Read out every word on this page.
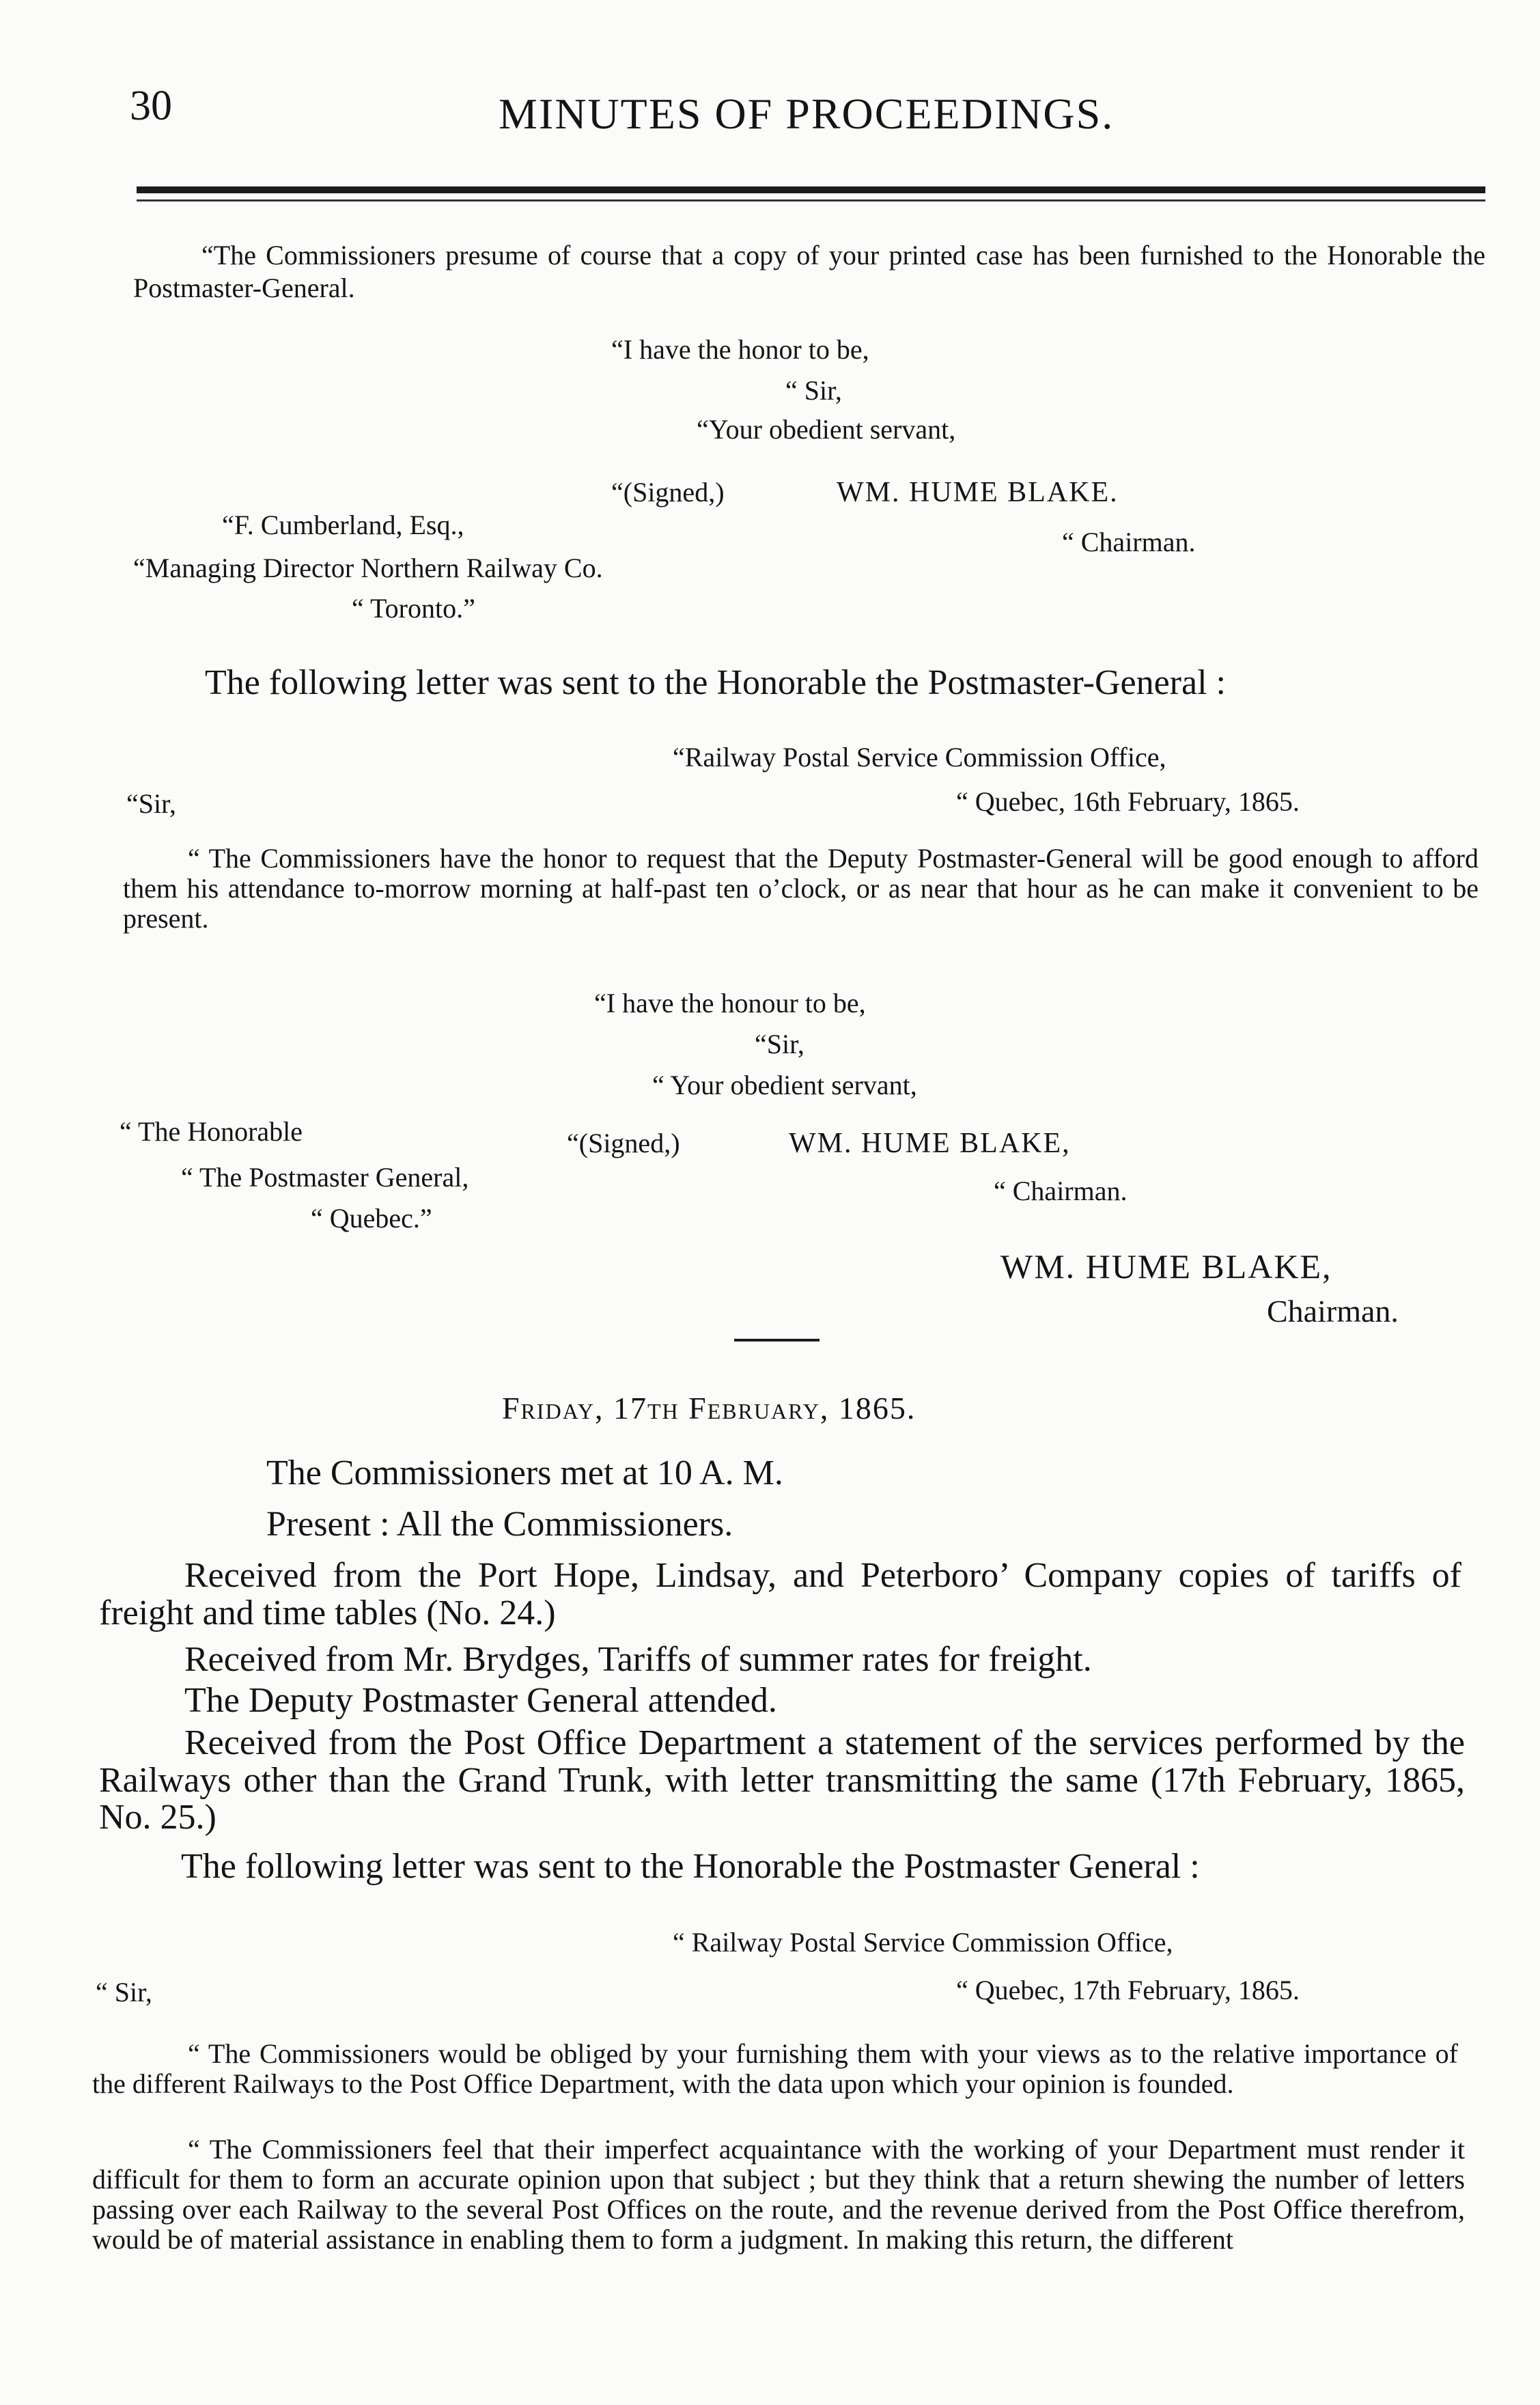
30	MINUTES OF PROCEEDINGS.
“The Commissioners presume of course that a copy of your printed case has been furnished to the Honorable the Postmaster-General.
“I have the honor to be,
“ Sir,
“Your obedient servant,
“(Signed,)	WM. HUME BLAKE.
“F. Cumberland, Esq.,
“ Chairman.
“Managing Director Northern Railway Co.
“ Toronto.”
The following letter was sent to the Honorable the Postmaster-General :
“Railway Postal Service Commission Office,
“Sir,	“ Quebec, 16th February, 1865.
“ The Commissioners have the honor to request that the Deputy Postmaster-General will be good enough to afford them his attendance to-morrow morning at half-past ten o’clock, or as near that hour as he can make it convenient to be present.
“I have the honour to be,
“Sir,
“ Your obedient servant,
“ The Honorable	“(Signed,)	WM. HUME BLAKE,
“ The Postmaster General,	“ Chairman.
“ Quebec.”
WM. HUME BLAKE,
Chairman.
Friday, 17th February, 1865.
The Commissioners met at 10 A. M.
Present : All the Commissioners.
Received from the Port Hope, Lindsay, and Peterboro’ Company copies of tariffs of freight and time tables (No. 24.)
Received from Mr. Brydges, Tariffs of summer rates for freight.
The Deputy Postmaster General attended.
Received from the Post Office Department a statement of the services performed by the Railways other than the Grand Trunk, with letter transmitting the same (17th February, 1865, No. 25.)
The following letter was sent to the Honorable the Postmaster General :
“ Railway Postal Service Commission Office,
“ Sir,	“ Quebec, 17th February, 1865.
“ The Commissioners would be obliged by your furnishing them with your views as to the relative importance of the different Railways to the Post Office Department, with the data upon which your opinion is founded.
“ The Commissioners feel that their imperfect acquaintance with the working of your Department must render it difficult for them to form an accurate opinion upon that subject ; but they think that a return shewing the number of letters passing over each Railway to the several Post Offices on the route, and the revenue derived from the Post Office therefrom, would be of material assistance in enabling them to form a judgment. In making this return, the different
